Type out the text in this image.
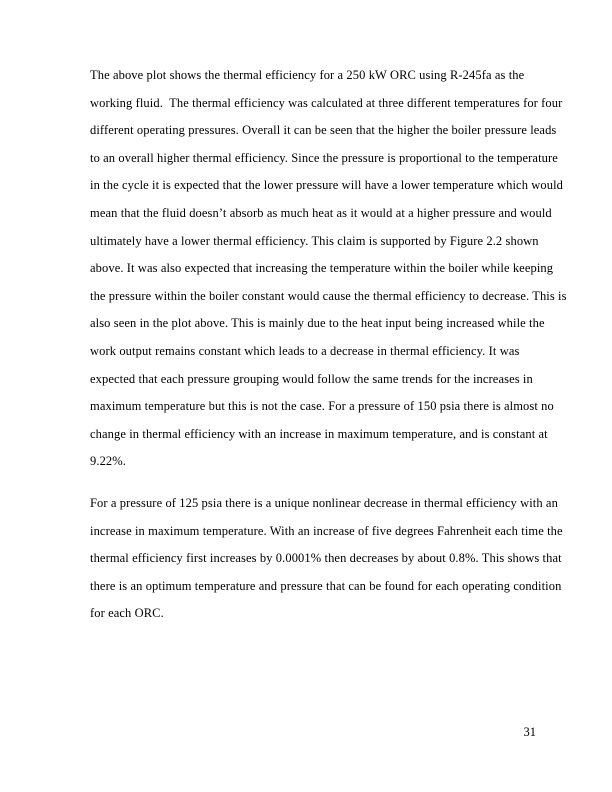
The above plot shows the thermal efficiency for a 250 kW ORC using R-245fa as the
working fluid.  The thermal efficiency was calculated at three different temperatures for four
different operating pressures. Overall it can be seen that the higher the boiler pressure leads
to an overall higher thermal efficiency. Since the pressure is proportional to the temperature
in the cycle it is expected that the lower pressure will have a lower temperature which would
mean that the fluid doesn’t absorb as much heat as it would at a higher pressure and would
ultimately have a lower thermal efficiency. This claim is supported by Figure 2.2 shown
above. It was also expected that increasing the temperature within the boiler while keeping
the pressure within the boiler constant would cause the thermal efficiency to decrease. This is
also seen in the plot above. This is mainly due to the heat input being increased while the
work output remains constant which leads to a decrease in thermal efficiency. It was
expected that each pressure grouping would follow the same trends for the increases in
maximum temperature but this is not the case. For a pressure of 150 psia there is almost no
change in thermal efficiency with an increase in maximum temperature, and is constant at
9.22%.
For a pressure of 125 psia there is a unique nonlinear decrease in thermal efficiency with an
increase in maximum temperature. With an increase of five degrees Fahrenheit each time the
thermal efficiency first increases by 0.0001% then decreases by about 0.8%. This shows that
there is an optimum temperature and pressure that can be found for each operating condition
for each ORC.
31
